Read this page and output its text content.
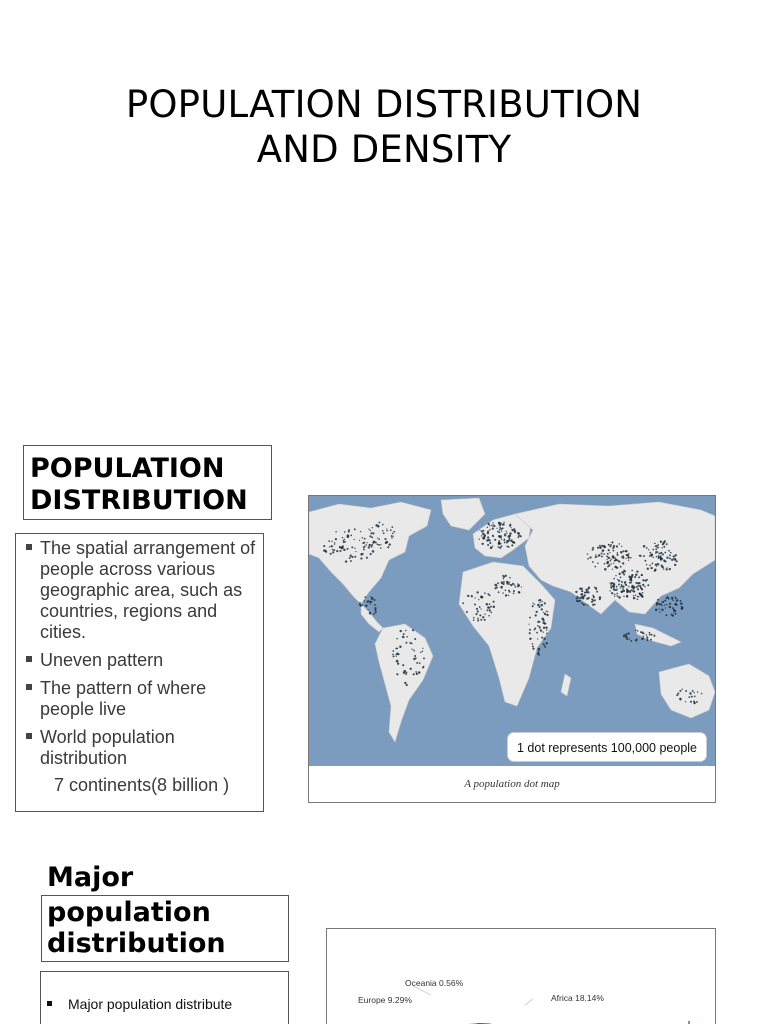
POPULATION DISTRIBUTION
AND DENSITY
POPULATION
DISTRIBUTION
The spatial arrangement of people across various geographic area, such as countries, regions and cities.
Uneven pattern
The pattern of where people live
World population distribution
7 continents(8 billion )
1 dot represents 100,000 people
A population dot map
Major
population
distribution
Major population distribute
Oceania 0.56%
Europe 9.29%	Africa 18.14%
